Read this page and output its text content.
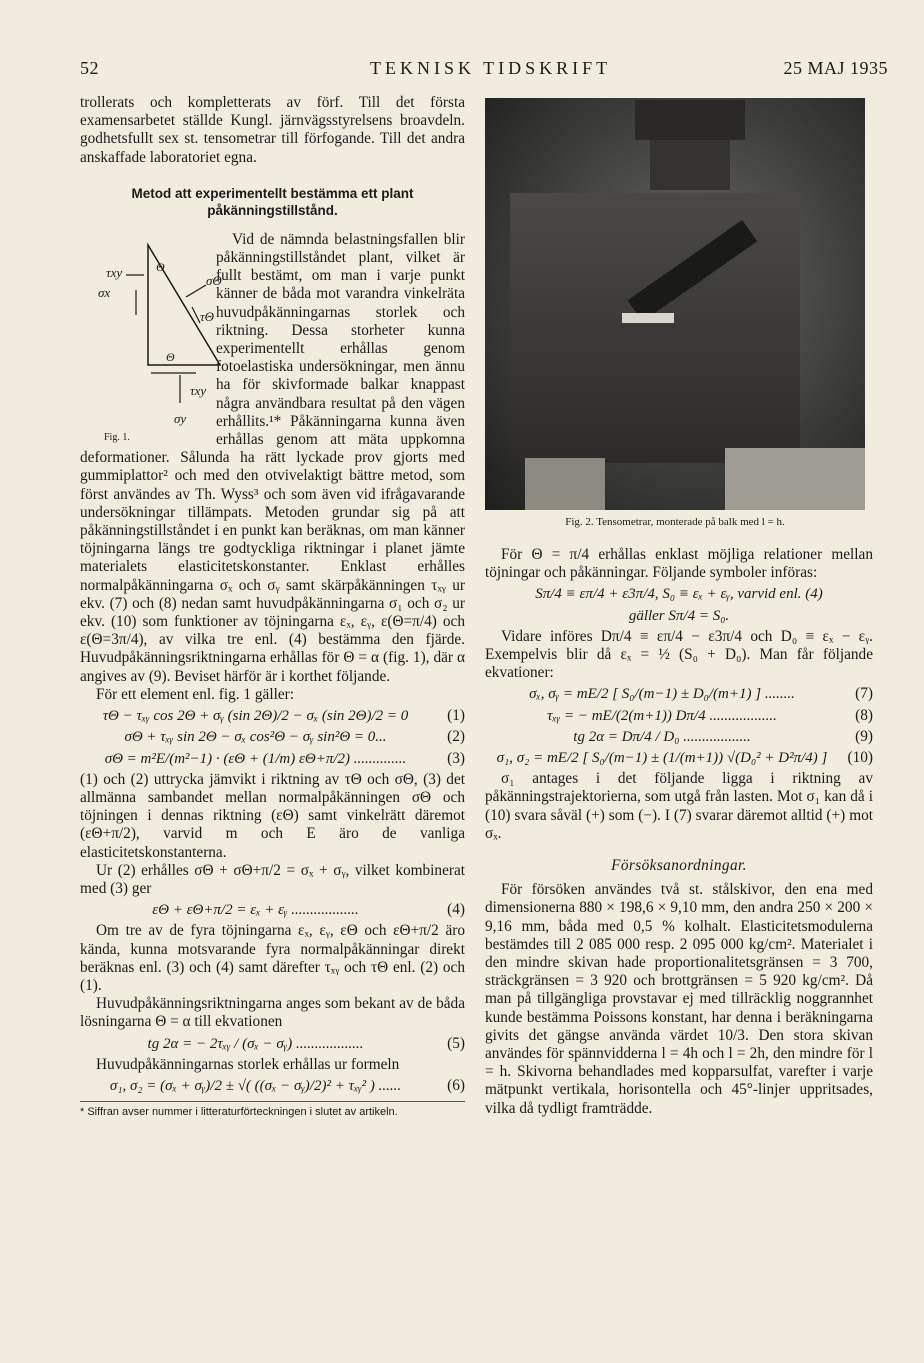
52	TEKNISK TIDSKRIFT	25 MAJ 1935

trollerats och kompletterats av förf. Till det första examensarbetet ställde Kungl. järnvägsstyrelsens broavdeln. godhetsfullt sex st. tensometrar till förfogande. Till det andra anskaffade laboratoriet egna.

Metod att experimentellt bestämma ett plant påkänningstillstånd.

τxy
σx
σΘ
τΘ
Θ
Θ
τxy
σy
Fig. 1.
Vid de nämnda belastningsfallen blir påkänningstillståndet plant, vilket är fullt bestämt, om man i varje punkt känner de båda mot varandra vinkelräta huvudpåkänningarnas storlek och riktning. Dessa storheter kunna experimentellt erhållas genom fotoelastiska undersökningar, men ännu ha för skivformade balkar knappast några användbara resultat på den vägen erhållits.¹* Påkänningarna kunna även erhållas genom att mäta uppkomna deformationer. Sålunda ha rätt lyckade prov gjorts med gummiplattor² och med den otvivelaktigt bättre metod, som först användes av Th. Wyss³ och som även vid ifrågavarande undersökningar tillämpats. Metoden grundar sig på att påkänningstillståndet i en punkt kan beräknas, om man känner töjningarna längs tre godtyckliga riktningar i planet jämte materialets elasticitetskonstanter. Enklast erhålles normalpåkänningarna σₓ och σᵧ samt skärpåkänningen τₓᵧ ur ekv. (7) och (8) nedan samt huvudpåkänningarna σ₁ och σ₂ ur ekv. (10) som funktioner av töjningarna εₓ, εᵧ, ε(Θ=π/4) och ε(Θ=3π/4), av vilka tre enl. (4) bestämma den fjärde. Huvudpåkänningsriktningarna erhållas för Θ = α (fig. 1), där α angives av (9). Beviset härför är i korthet följande.

För ett element enl. fig. 1 gäller:

τΘ − τₓᵧ cos 2Θ + σᵧ (sin 2Θ)/2 − σₓ (sin 2Θ)/2 = 0	(1)
σΘ + τₓᵧ sin 2Θ − σₓ cos²Θ − σᵧ sin²Θ = 0...	(2)
σΘ = m²E/(m²−1) · (εΘ + (1/m) εΘ+π/2) ..............	(3)

(1) och (2) uttrycka jämvikt i riktning av τΘ och σΘ, (3) det allmänna sambandet mellan normalpåkänningen σΘ och töjningen i dennas riktning (εΘ) samt vinkelrätt däremot (εΘ+π/2), varvid m och E äro de vanliga elasticitetskonstanterna.

Ur (2) erhålles σΘ + σΘ+π/2 = σₓ + σᵧ, vilket kombinerat med (3) ger

εΘ + εΘ+π/2 = εₓ + εᵧ ..................	(4)

Om tre av de fyra töjningarna εₓ, εᵧ, εΘ och εΘ+π/2 äro kända, kunna motsvarande fyra normalpåkänningar direkt beräknas enl. (3) och (4) samt därefter τₓᵧ och τΘ enl. (2) och (1).

Huvudpåkänningsriktningarna anges som bekant av de båda lösningarna Θ = α till ekvationen

tg 2α = − 2τₓᵧ / (σₓ − σᵧ) ..................	(5)

Huvudpåkänningarnas storlek erhållas ur formeln

σ₁, σ₂ = (σₓ + σᵧ)/2 ± √( ((σₓ − σᵧ)/2)² + τₓᵧ² ) ......	(6)

* Siffran avser nummer i litteraturförteckningen i slutet av artikeln.

Fig. 2. Tensometrar, monterade på balk med l = h.

För Θ = π/4 erhållas enklast möjliga relationer mellan töjningar och påkänningar. Följande symboler införas:

Sπ/4 ≡ επ/4 + ε3π/4, S₀ ≡ εₓ + εᵧ, varvid enl. (4)
gäller Sπ/4 = S₀.

Vidare införes Dπ/4 ≡ επ/4 − ε3π/4 och D₀ ≡ εₓ − εᵧ. Exempelvis blir då εₓ = ½ (S₀ + D₀). Man får följande ekvationer:

σₓ, σᵧ = mE/2 [ S₀/(m−1) ± D₀/(m+1) ] ........	(7)
τₓᵧ = − mE/(2(m+1)) Dπ/4 ..................	(8)
tg 2α = Dπ/4 / D₀ ..................	(9)
σ₁, σ₂ = mE/2 [ S₀/(m−1) ± (1/(m+1)) √(D₀² + D²π/4) ]	(10)

σ₁ antages i det följande ligga i riktning av påkänningstrajektorierna, som utgå från lasten. Mot σ₁ kan då i (10) svara såväl (+) som (−). I (7) svarar däremot alltid (+) mot σₓ.

Försöksanordningar.

För försöken användes två st. stålskivor, den ena med dimensionerna 880 × 198,6 × 9,10 mm, den andra 250 × 200 × 9,16 mm, båda med 0,5 % kolhalt. Elasticitetsmodulerna bestämdes till 2 085 000 resp. 2 095 000 kg/cm². Materialet i den mindre skivan hade proportionalitetsgränsen = 3 700, sträckgränsen = 3 920 och brottgränsen = 5 920 kg/cm². Då man på tillgängliga provstavar ej med tillräcklig noggrannhet kunde bestämma Poissons konstant, har denna i beräkningarna givits det gängse använda värdet 10/3. Den stora skivan användes för spännvidderna l = 4h och l = 2h, den mindre för l = h. Skivorna behandlades med kopparsulfat, varefter i varje mätpunkt vertikala, horisontella och 45°-linjer uppritsades, vilka då tydligt framträdde.
